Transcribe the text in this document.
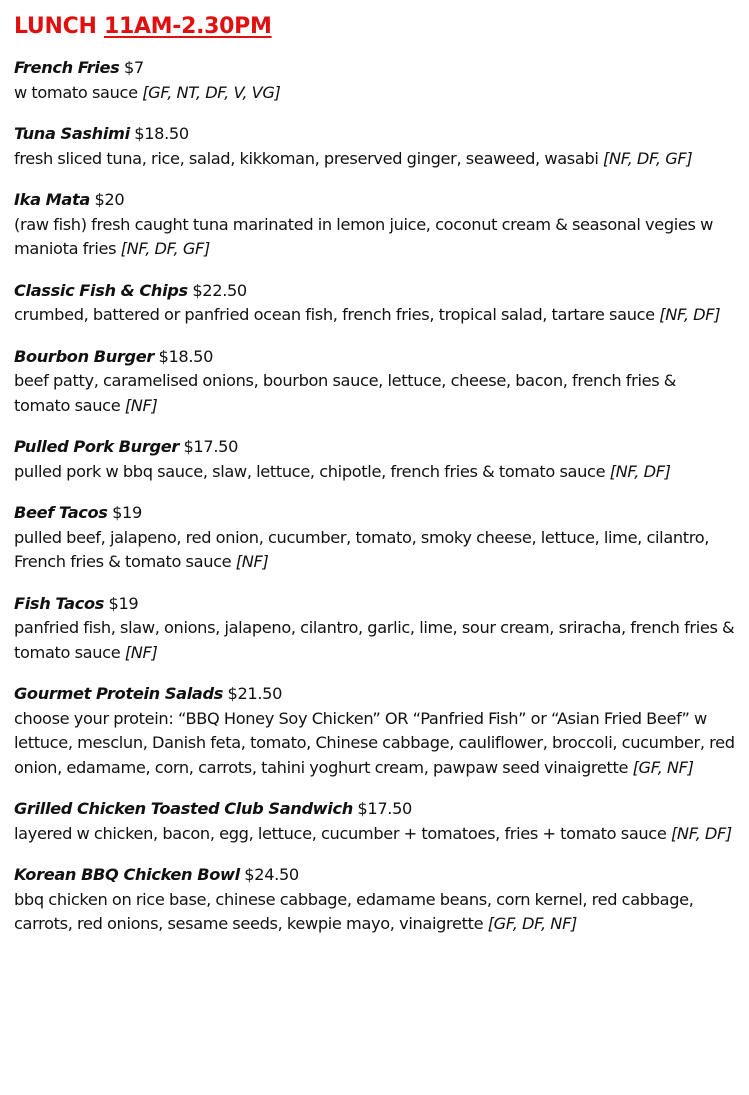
LUNCH 11AM-2.30PM
French Fries $7
w tomato sauce [GF, NT, DF, V, VG]
Tuna Sashimi $18.50
fresh sliced tuna, rice, salad, kikkoman, preserved ginger, seaweed, wasabi [NF, DF, GF]
Ika Mata $20
(raw fish) fresh caught tuna marinated in lemon juice, coconut cream & seasonal vegies w maniota fries [NF, DF, GF]
Classic Fish & Chips $22.50
crumbed, battered or panfried ocean fish, french fries, tropical salad, tartare sauce [NF, DF]
Bourbon Burger $18.50
beef patty, caramelised onions, bourbon sauce, lettuce, cheese, bacon, french fries & tomato sauce [NF]
Pulled Pork Burger $17.50
pulled pork w bbq sauce, slaw, lettuce, chipotle, french fries & tomato sauce [NF, DF]
Beef Tacos $19
pulled beef, jalapeno, red onion, cucumber, tomato, smoky cheese, lettuce, lime, cilantro, French fries & tomato sauce [NF]
Fish Tacos $19
panfried fish, slaw, onions, jalapeno, cilantro, garlic, lime, sour cream, sriracha, french fries & tomato sauce [NF]
Gourmet Protein Salads $21.50
choose your protein: “BBQ Honey Soy Chicken” OR “Panfried Fish” or “Asian Fried Beef” w lettuce, mesclun, Danish feta, tomato, Chinese cabbage, cauliflower, broccoli, cucumber, red onion, edamame, corn, carrots, tahini yoghurt cream, pawpaw seed vinaigrette [GF, NF]
Grilled Chicken Toasted Club Sandwich $17.50
layered w chicken, bacon, egg, lettuce, cucumber + tomatoes, fries + tomato sauce [NF, DF]
Korean BBQ Chicken Bowl $24.50
bbq chicken on rice base, chinese cabbage, edamame beans, corn kernel, red cabbage, carrots, red onions, sesame seeds, kewpie mayo, vinaigrette [GF, DF, NF]
